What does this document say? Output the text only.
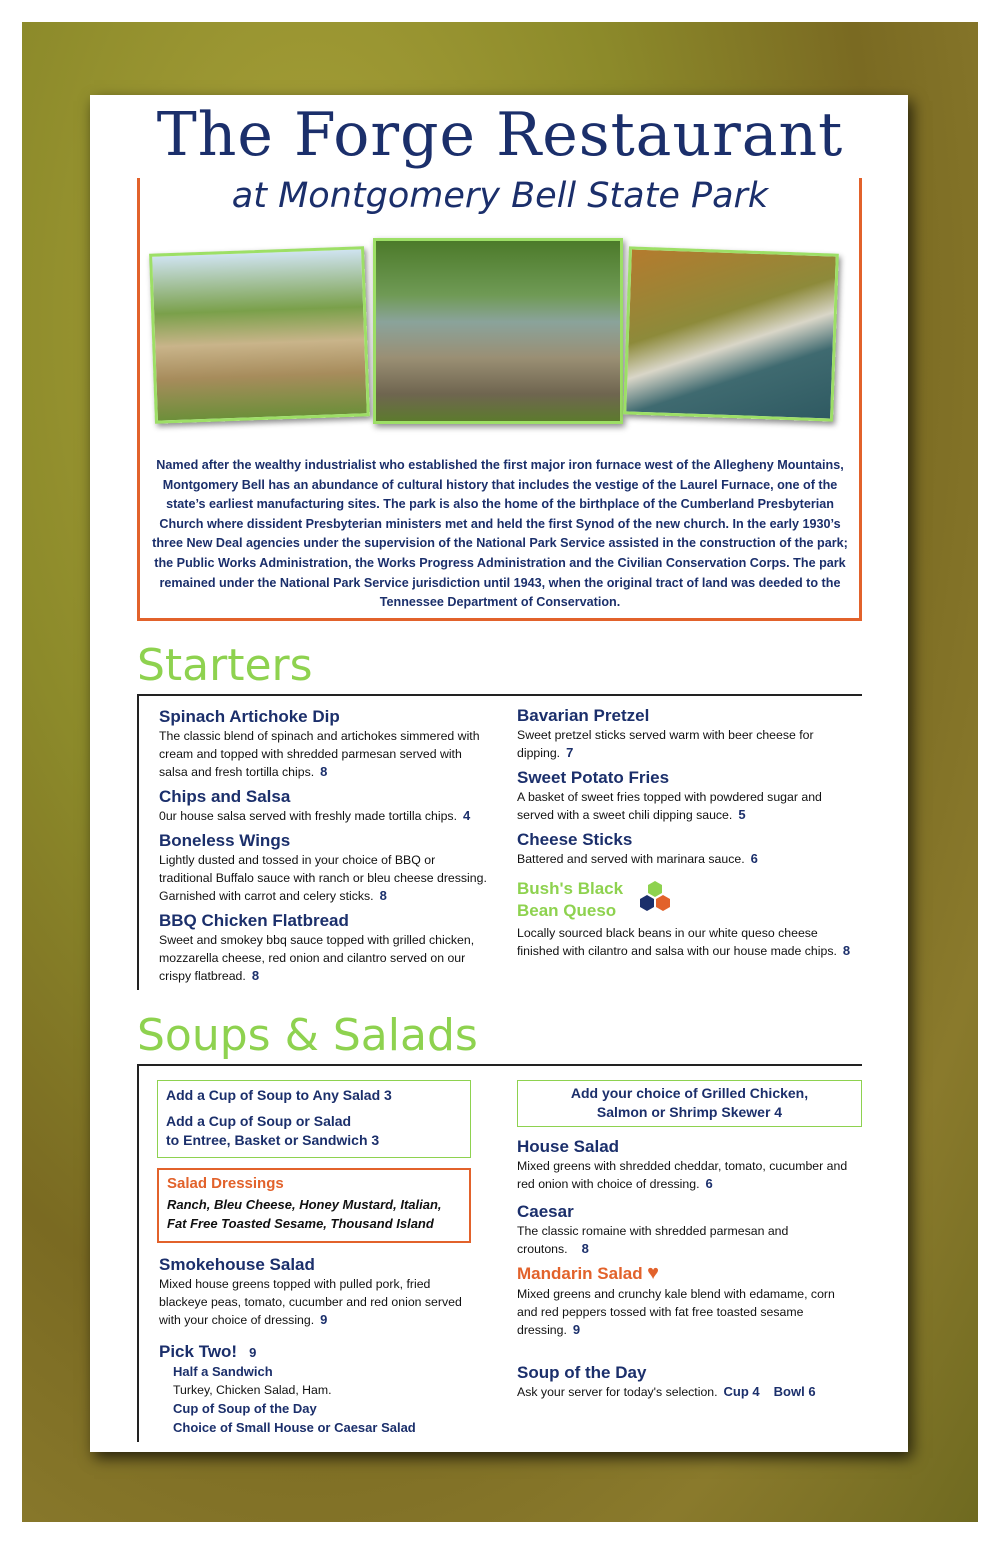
The Forge Restaurant
at Montgomery Bell State Park
Named after the wealthy industrialist who established the first major iron furnace west of the Allegheny Mountains, Montgomery Bell has an abundance of cultural history that includes the vestige of the Laurel Furnace, one of the state’s earliest manufacturing sites. The park is also the home of the birthplace of the Cumberland Presbyterian Church where dissident Presbyterian ministers met and held the first Synod of the new church. In the early 1930’s three New Deal agencies under the supervision of the National Park Service assisted in the construction of the park; the Public Works Administration, the Works Progress Administration and the Civilian Conservation Corps. The park remained under the National Park Service jurisdiction until 1943, when the original tract of land was deeded to the Tennessee Department of Conservation.
Starters
Spinach Artichoke Dip
The classic blend of spinach and artichokes simmered with cream and topped with shredded parmesan served with salsa and fresh tortilla chips. 8
Chips and Salsa
0ur house salsa served with freshly made tortilla chips. 4
Boneless Wings
Lightly dusted and tossed in your choice of BBQ or traditional Buffalo sauce with ranch or bleu cheese dressing. Garnished with carrot and celery sticks. 8
BBQ Chicken Flatbread
Sweet and smokey bbq sauce topped with grilled chicken, mozzarella cheese, red onion and cilantro served on our crispy flatbread. 8
Bavarian Pretzel
Sweet pretzel sticks served warm with beer cheese for dipping. 7
Sweet Potato Fries
A basket of sweet fries topped with powdered sugar and served with a sweet chili dipping sauce. 5
Cheese Sticks
Battered and served with marinara sauce. 6
Bush's Black
Bean Queso
Locally sourced black beans in our white queso cheese finished with cilantro and salsa with our house made chips. 8
Soups & Salads
Add a Cup of Soup to Any Salad 3
Add a Cup of Soup or Salad
to Entree, Basket or Sandwich 3
Salad Dressings
Ranch, Bleu Cheese, Honey Mustard, Italian,
Fat Free Toasted Sesame, Thousand Island
Smokehouse Salad
Mixed house greens topped with pulled pork, fried blackeye peas, tomato, cucumber and red onion served with your choice of dressing. 9
Pick Two! 9
Half a Sandwich
Turkey, Chicken Salad, Ham.
Cup of Soup of the Day
Choice of Small House or Caesar Salad
Add your choice of Grilled Chicken,
Salmon or Shrimp Skewer 4
House Salad
Mixed greens with shredded cheddar, tomato, cucumber and red onion with choice of dressing. 6
Caesar
The classic romaine with shredded parmesan and croutons. 8
Mandarin Salad ♥
Mixed greens and crunchy kale blend with edamame, corn and red peppers tossed with fat free toasted sesame dressing. 9
Soup of the Day
Ask your server for today's selection. Cup 4 Bowl 6
